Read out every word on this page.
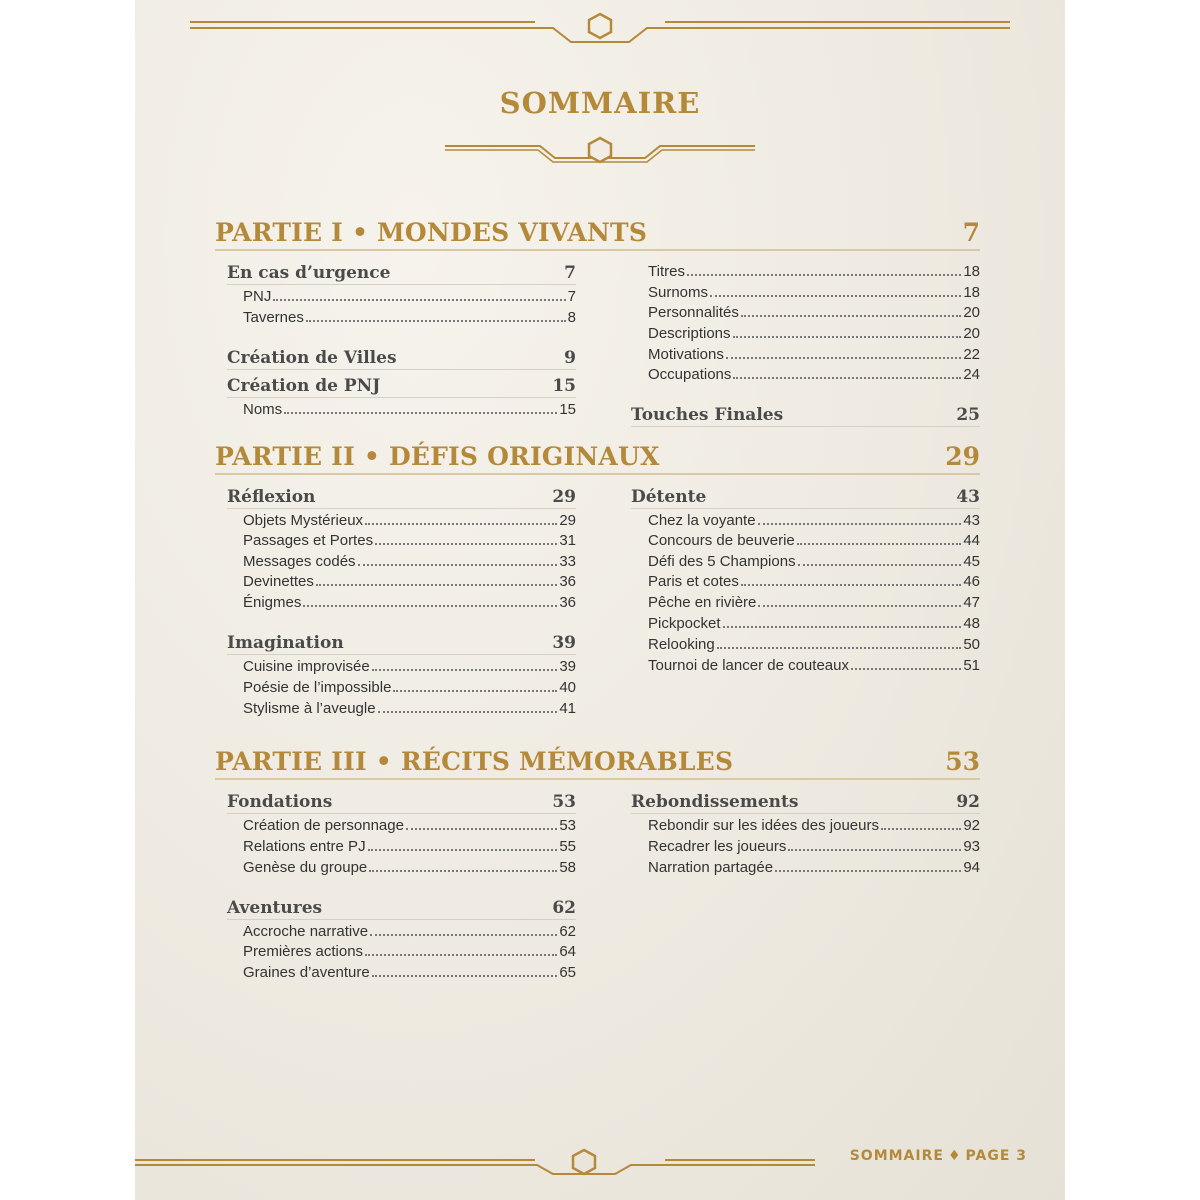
SOMMAIRE
PARTIE I • MONDES VIVANTS	7
En cas d’urgence	7
PNJ	7
Tavernes	8
Création de Villes	9
Création de PNJ	15
Noms	15
Titres	18
Surnoms	18
Personnalités	20
Descriptions	20
Motivations	22
Occupations	24
Touches Finales	25
PARTIE II • DÉFIS ORIGINAUX	29
Réflexion	29
Objets Mystérieux	29
Passages et Portes	31
Messages codés	33
Devinettes	36
Énigmes	36
Imagination	39
Cuisine improvisée	39
Poésie de l’impossible	40
Stylisme à l’aveugle	41
Détente	43
Chez la voyante	43
Concours de beuverie	44
Défi des 5 Champions	45
Paris et cotes	46
Pêche en rivière	47
Pickpocket	48
Relooking	50
Tournoi de lancer de couteaux	51
PARTIE III • RÉCITS MÉMORABLES	53
Fondations	53
Création de personnage	53
Relations entre PJ	55
Genèse du groupe	58
Aventures	62
Accroche narrative	62
Premières actions	64
Graines d’aventure	65
Rebondissements	92
Rebondir sur les idées des joueurs	92
Recadrer les joueurs	93
Narration partagée	94
SOMMAIRE ♦ PAGE 3
